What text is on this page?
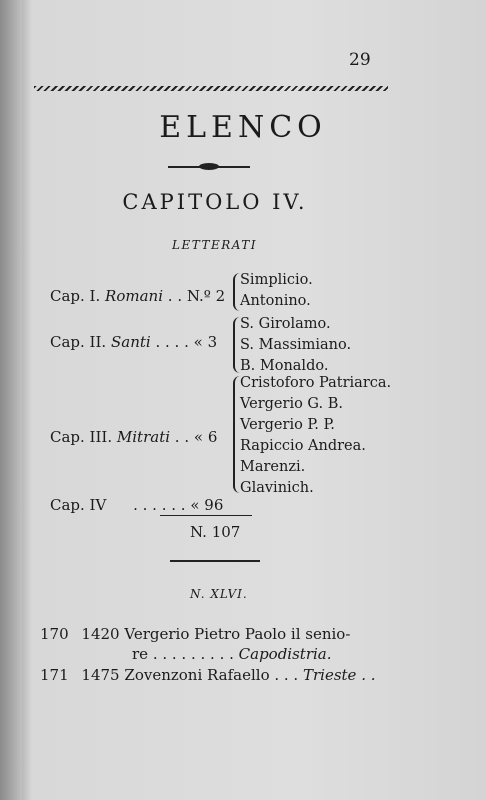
29
ELENCO
CAPITOLO IV.
LETTERATI
Cap. I. Romani . . N.º 2
Simplicio.
Antonino.
Cap. II. Santi . . . . « 3
S. Girolamo.
S. Massimiano.
B. Monaldo.
Cap. III. Mitrati . . « 6
Cristoforo Patriarca.
Vergerio G. B.
Vergerio P. P.
Rapiccio Andrea.
Marenzi.
Glavinich.
Cap. IV . . . . . . « 96
N. 107
N. XLVI.
170 1420 Vergerio Pietro Paolo il senio-
re . . . . . . . . . Capodistria.
171 1475 Zovenzoni Rafaello . . . Trieste . .
